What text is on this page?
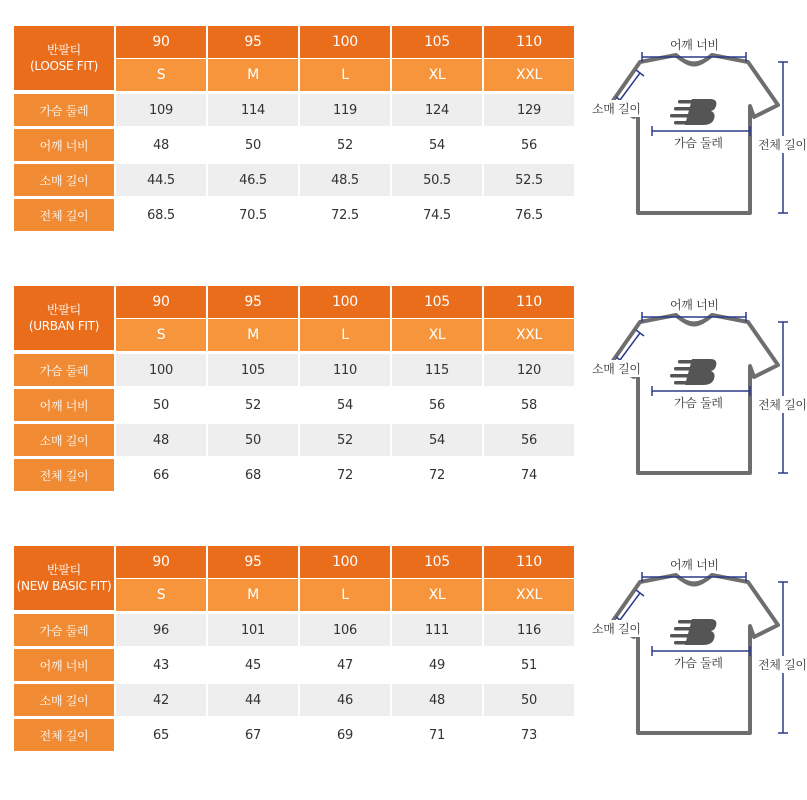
반팔티
(LOOSE FIT)	90	95	100	105	110
	S	M	L	XL	XXL
가슴 둘레	109	114	119	124	129
어깨 너비	48	50	52	54	56
소매 길이	44.5	46.5	48.5	50.5	52.5
전체 길이	68.5	70.5	72.5	74.5	76.5
어깨 너비
소매 길이
가슴 둘레	전체 길이
반팔티
(URBAN FIT)	90	95	100	105	110
	S	M	L	XL	XXL
가슴 둘레	100	105	110	115	120
어깨 너비	50	52	54	56	58
소매 길이	48	50	52	54	56
전체 길이	66	68	72	72	74
어깨 너비
소매 길이
가슴 둘레	전체 길이
반팔티
(NEW BASIC FIT)	90	95	100	105	110
	S	M	L	XL	XXL
가슴 둘레	96	101	106	111	116
어깨 너비	43	45	47	49	51
소매 길이	42	44	46	48	50
전체 길이	65	67	69	71	73
어깨 너비
소매 길이
가슴 둘레	전체 길이
